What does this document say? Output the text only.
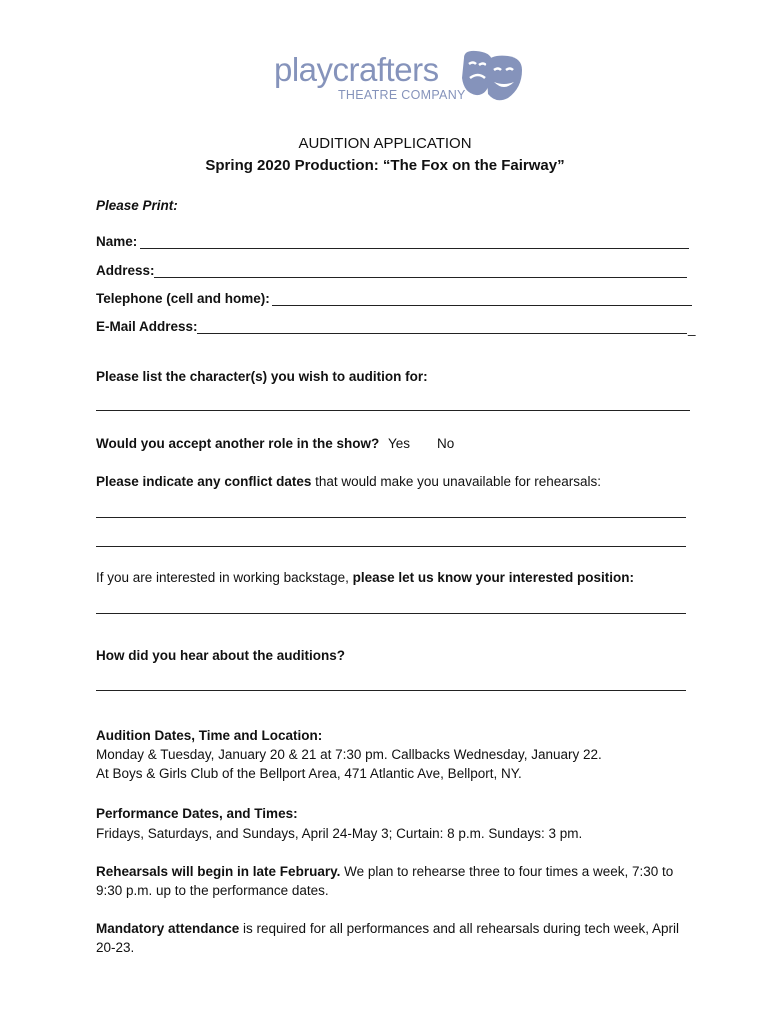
playcrafters
THEATRE COMPANY
AUDITION APPLICATION
Spring 2020 Production: “The Fox on the Fairway”
Please Print:
Name:
Address:
Telephone (cell and home):
E-Mail Address:	_
Please list the character(s) you wish to audition for:
Would you accept another role in the show? Yes No
Please indicate any conflict dates that would make you unavailable for rehearsals:
If you are interested in working backstage, please let us know your interested position:
How did you hear about the auditions?
Audition Dates, Time and Location:
Monday & Tuesday, January 20 & 21 at 7:30 pm. Callbacks Wednesday, January 22.
At Boys & Girls Club of the Bellport Area, 471 Atlantic Ave, Bellport, NY.
Performance Dates, and Times:
Fridays, Saturdays, and Sundays, April 24-May 3; Curtain: 8 p.m. Sundays: 3 pm.
Rehearsals will begin in late February. We plan to rehearse three to four times a week, 7:30 to
9:30 p.m. up to the performance dates.
Mandatory attendance is required for all performances and all rehearsals during tech week, April
20-23.
